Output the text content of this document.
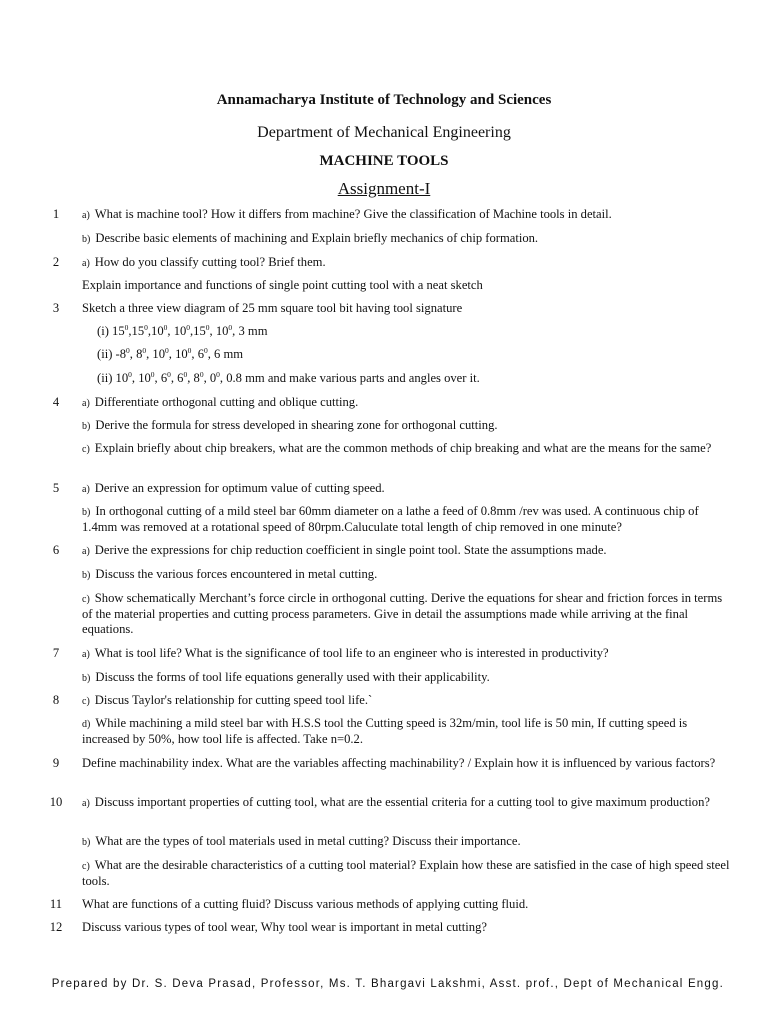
Annamacharya Institute of Technology and Sciences
Department of Mechanical Engineering
MACHINE TOOLS
Assignment-I
1	a) What is machine tool? How it differs from machine? Give the classification of Machine tools in detail.
b) Describe basic elements of machining and Explain briefly mechanics of chip formation.
2	a) How do you classify cutting tool? Brief them.
Explain importance and functions of single point cutting tool with a neat sketch
3	Sketch a three view diagram of 25 mm square tool bit having tool signature
(i) $15^0,15^0,10^0$, $10^0,15^0$, $10^0$, 3 mm
(ii) $-8^0$, $8^0$, $10^0$, $10^0$, $6^0$, 6 mm
(ii) $10^0$, $10^0$, $6^0$, $6^0$, $8^0$, $0^0$, 0.8 mm and make various parts and angles over it.
4	a) Differentiate orthogonal cutting and oblique cutting.
b) Derive the formula for stress developed in shearing zone for orthogonal cutting.
c) Explain briefly about chip breakers, what are the common methods of chip breaking and what are the means for the same?
5	a) Derive an expression for optimum value of cutting speed.
b) In orthogonal cutting of a mild steel bar 60mm diameter on a lathe a feed of 0.8mm /rev was used. A continuous chip of 1.4mm was removed at a rotational speed of 80rpm.Caluculate total length of chip removed in one minute?
6	a) Derive the expressions for chip reduction coefficient in single point tool. State the assumptions made.
b) Discuss the various forces encountered in metal cutting.
c) Show schematically Merchant’s force circle in orthogonal cutting. Derive the equations for shear and friction forces in terms of the material properties and cutting process parameters. Give in detail the assumptions made while arriving at the final equations.
7	a) What is tool life? What is the significance of tool life to an engineer who is interested in productivity?
b) Discuss the forms of tool life equations generally used with their applicability.
8	c) Discus Taylor's relationship for cutting speed tool life.`
d) While machining a mild steel bar with H.S.S tool the Cutting speed is 32m/min, tool life is 50 min, If cutting speed is increased by 50%, how tool life is affected. Take n=0.2.
9	Define machinability index. What are the variables affecting machinability? / Explain how it is influenced by various factors?
10	a) Discuss important properties of cutting tool, what are the essential criteria for a cutting tool to give maximum production?
b) What are the types of tool materials used in metal cutting? Discuss their importance.
c) What are the desirable characteristics of a cutting tool material? Explain how these are satisfied in the case of high speed steel tools.
11	What are functions of a cutting fluid? Discuss various methods of applying cutting fluid.
12	Discuss various types of tool wear, Why tool wear is important in metal cutting?
Prepared by Dr. S. Deva Prasad, Professor, Ms. T. Bhargavi Lakshmi, Asst. prof., Dept of Mechanical Engg.
